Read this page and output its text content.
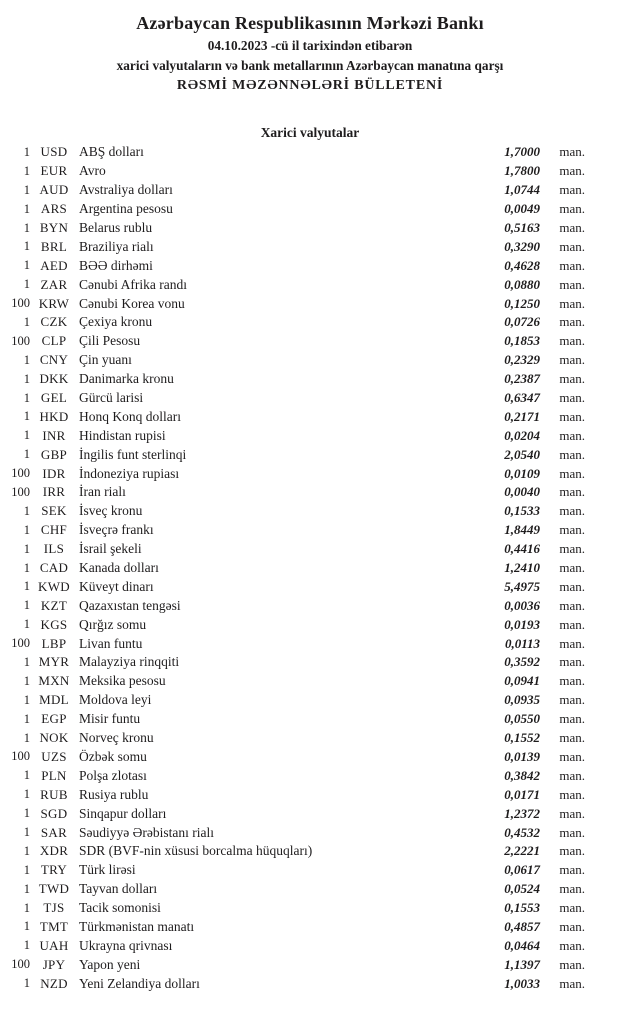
Azərbaycan Respublikasının Mərkəzi Bankı
04.10.2023 -cü il tarixindən etibarən
xarici valyutaların və bank metallarının Azərbaycan manatına qarşı
RƏSMİ MƏZƏNNƏLƏRİ BÜLLETENİ
Xarici valyutalar
1 USD ABŞ dolları	1,7000	man.
1 EUR Avro	1,7800	man.
1 AUD Avstraliya dolları	1,0744	man.
1 ARS Argentina pesosu	0,0049	man.
1 BYN Belarus rublu	0,5163	man.
1 BRL Braziliya rialı	0,3290	man.
1 AED BƏƏ dirhəmi	0,4628	man.
1 ZAR Cənubi Afrika randı	0,0880	man.
100 KRW Cənubi Korea vonu	0,1250	man.
1 CZK Çexiya kronu	0,0726	man.
100 CLP Çili Pesosu	0,1853	man.
1 CNY Çin yuanı	0,2329	man.
1 DKK Danimarka kronu	0,2387	man.
1 GEL Gürcü larisi	0,6347	man.
1 HKD Honq Konq dolları	0,2171	man.
1 INR Hindistan rupisi	0,0204	man.
1 GBP İngilis funt sterlinqi	2,0540	man.
100 IDR İndoneziya rupiası	0,0109	man.
100 IRR	İran rialı	0,0040	man.
1 SEK İsveç kronu	0,1533	man.
1 CHF İsveçrə frankı	1,8449	man.
1	ILS	İsrail şekeli	0,4416	man.
1 CAD Kanada dolları	1,2410	man.
1 KWD Küveyt dinarı	5,4975	man.
1 KZT Qazaxıstan tengəsi	0,0036	man.
1 KGS Qırğız somu	0,0193	man.
100 LBP Livan funtu	0,0113	man.
1 MYR Malayziya rinqqiti	0,3592	man.
1 MXN Meksika pesosu	0,0941	man.
1 MDL Moldova leyi	0,0935	man.
1 EGP Misir funtu	0,0550	man.
1 NOK Norveç kronu	0,1552	man.
100 UZS Özbək somu	0,0139	man.
1 PLN Polşa zlotası	0,3842	man.
1 RUB Rusiya rublu	0,0171	man.
1 SGD Sinqapur dolları	1,2372	man.
1 SAR Səudiyyə Ərəbistanı rialı	0,4532	man.
1 XDR SDR (BVF-nin xüsusi borcalma hüquqları)	2,2221	man.
1 TRY Türk lirəsi	0,0617	man.
1 TWD Tayvan dolları	0,0524	man.
1	TJS	Tacik somonisi	0,1553	man.
1 TMT Türkmənistan manatı	0,4857	man.
1 UAH Ukrayna qrivnası	0,0464	man.
100 JPY	Yapon yeni	1,1397	man.
1 NZD Yeni Zelandiya dolları	1,0033	man.
